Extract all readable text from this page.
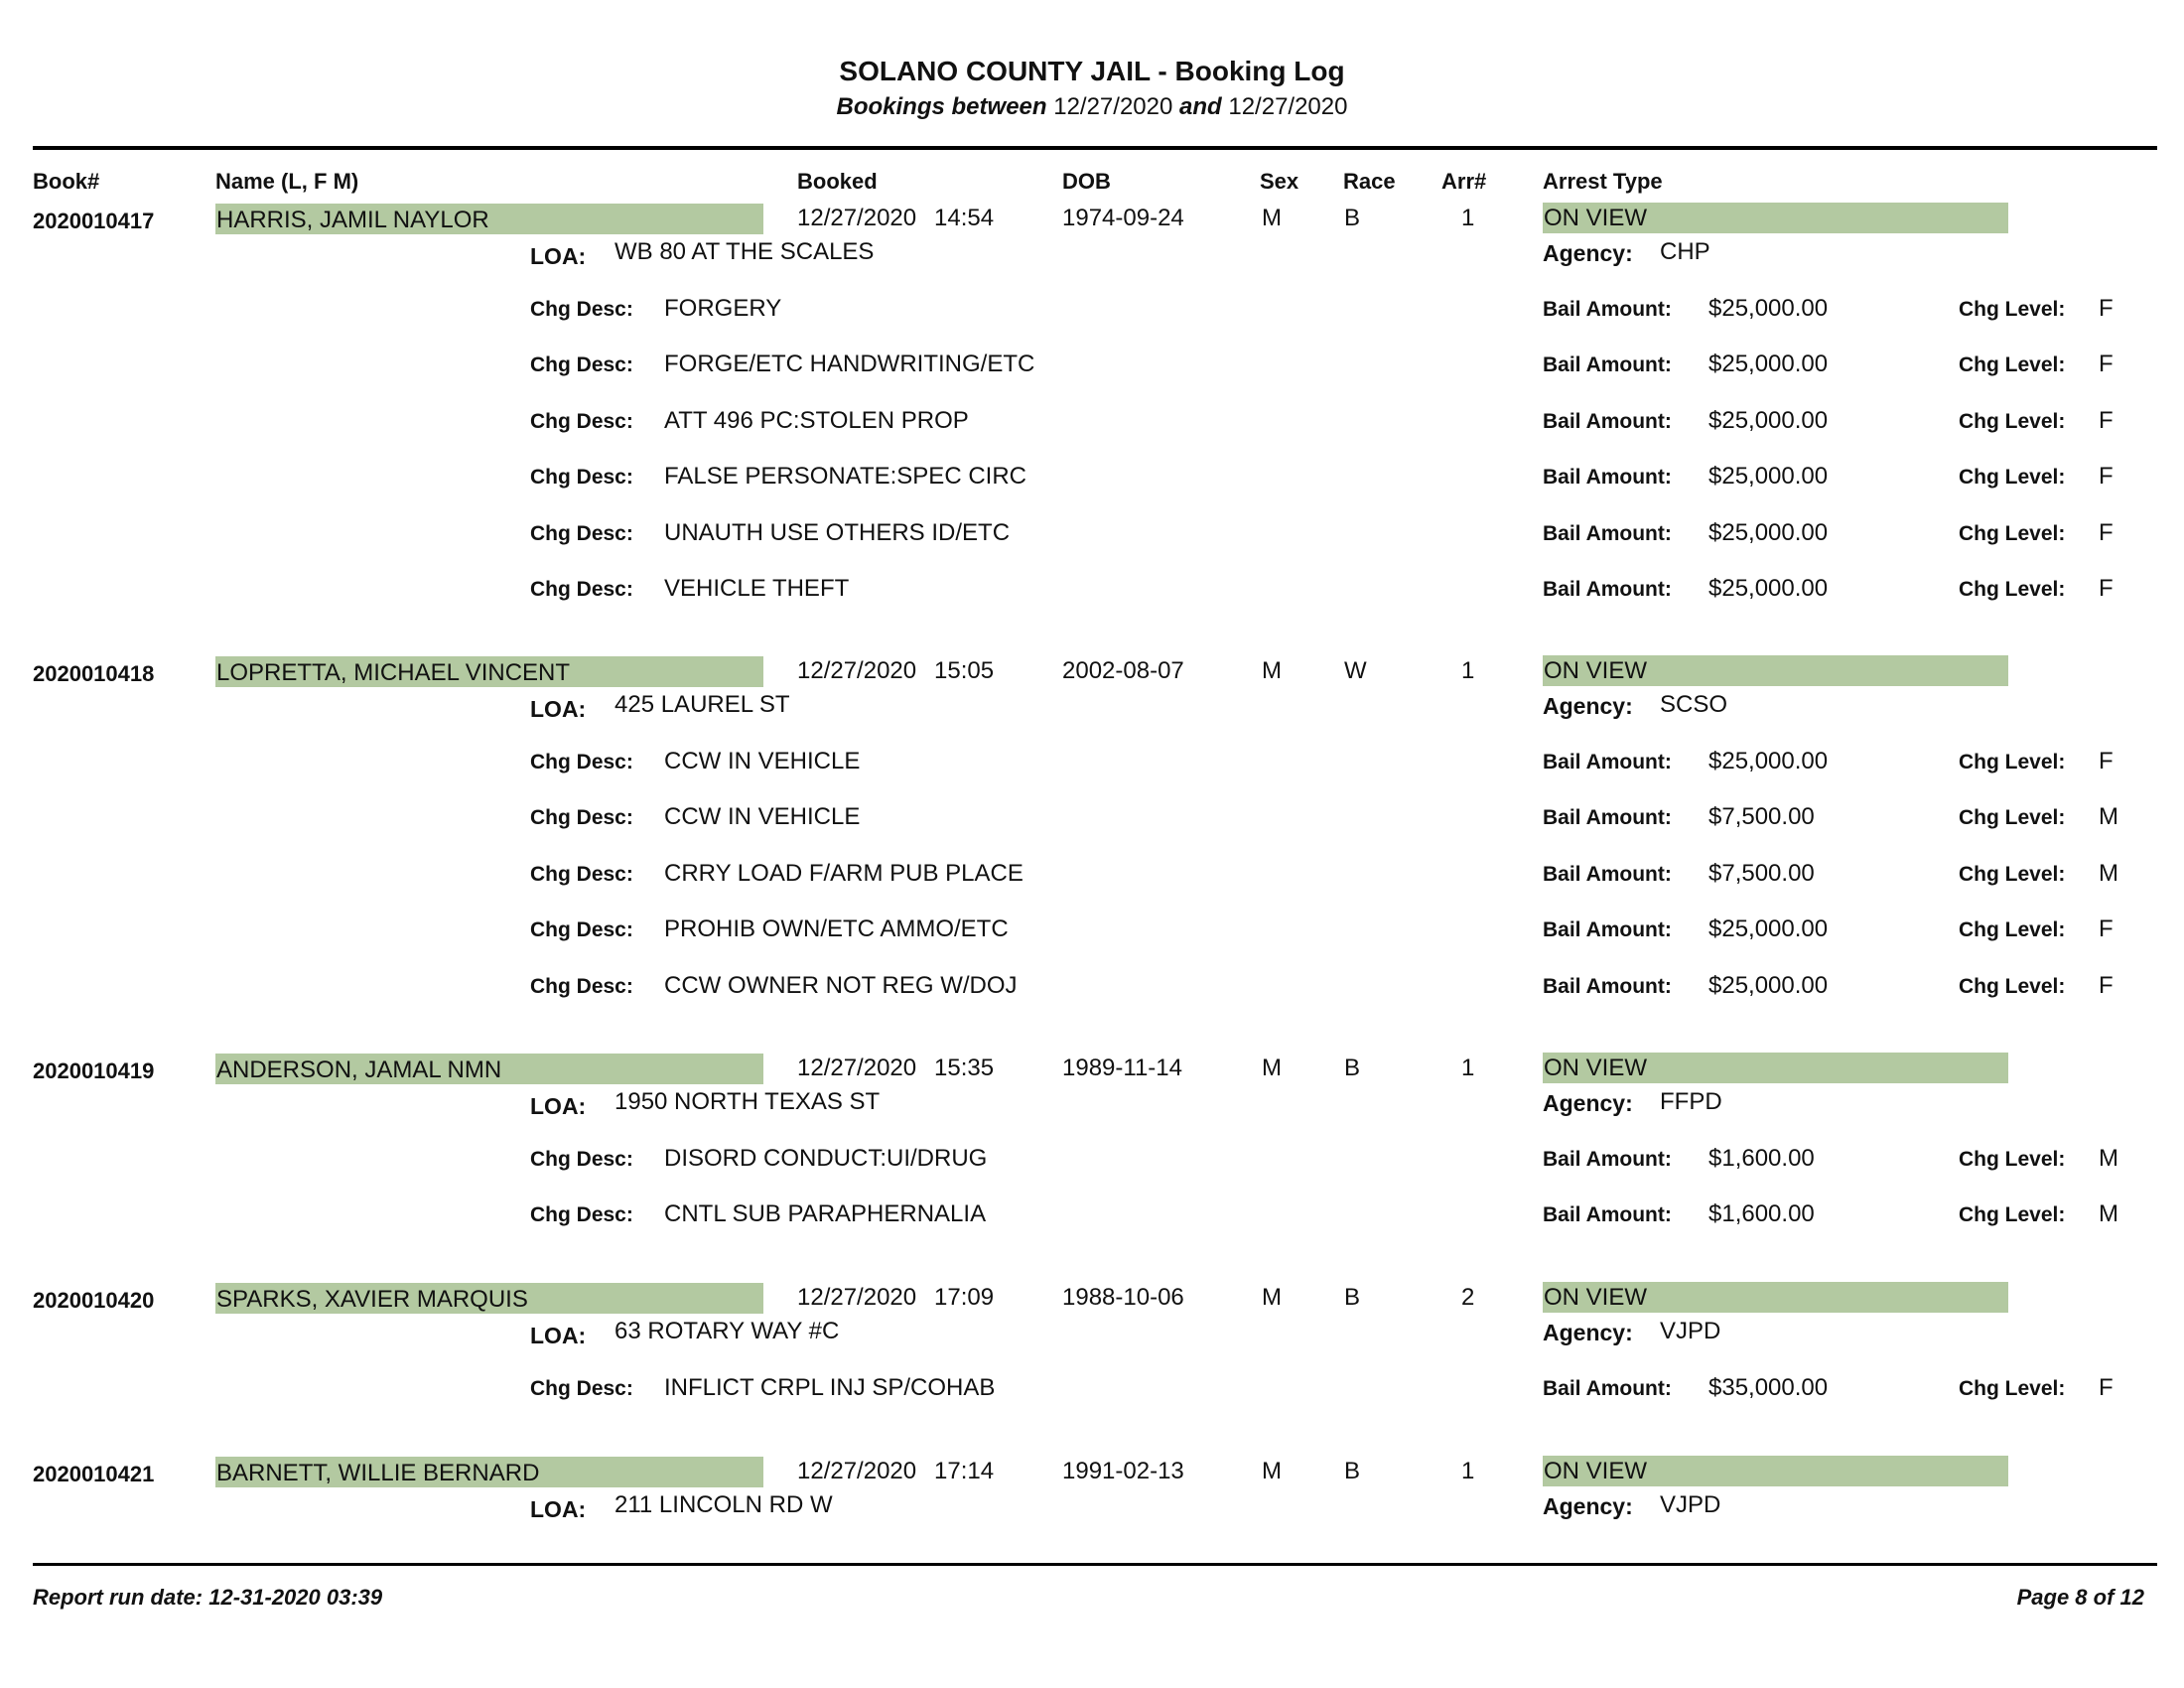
SOLANO COUNTY JAIL - Booking Log
Bookings between 12/27/2020 and 12/27/2020
Book#	Name (L, F M)	Booked	DOB	Sex Race Arr#	Arrest Type
2020010417	HARRIS, JAMIL NAYLOR	12/27/2020 14:54	1974-09-24	M	B	1	ON VIEW
LOA: WB 80 AT THE SCALES	Agency: CHP
Chg Desc: FORGERY	Bail Amount: $25,000.00	Chg Level: F
Chg Desc: FORGE/ETC HANDWRITING/ETC	Bail Amount: $25,000.00	Chg Level: F
Chg Desc: ATT 496 PC:STOLEN PROP	Bail Amount: $25,000.00	Chg Level: F
Chg Desc: FALSE PERSONATE:SPEC CIRC	Bail Amount: $25,000.00	Chg Level: F
Chg Desc: UNAUTH USE OTHERS ID/ETC	Bail Amount: $25,000.00	Chg Level: F
Chg Desc: VEHICLE THEFT	Bail Amount: $25,000.00	Chg Level: F
2020010418	LOPRETTA, MICHAEL VINCENT	12/27/2020 15:05	2002-08-07	M	W	1	ON VIEW
LOA: 425 LAUREL ST	Agency: SCSO
Chg Desc: CCW IN VEHICLE	Bail Amount: $25,000.00	Chg Level: F
Chg Desc: CCW IN VEHICLE	Bail Amount: $7,500.00	Chg Level: M
Chg Desc: CRRY LOAD F/ARM PUB PLACE	Bail Amount: $7,500.00	Chg Level: M
Chg Desc: PROHIB OWN/ETC AMMO/ETC	Bail Amount: $25,000.00	Chg Level: F
Chg Desc: CCW OWNER NOT REG W/DOJ	Bail Amount: $25,000.00	Chg Level: F
2020010419	ANDERSON, JAMAL NMN	12/27/2020 15:35	1989-11-14	M	B	1	ON VIEW
LOA: 1950 NORTH TEXAS ST	Agency: FFPD
Chg Desc: DISORD CONDUCT:UI/DRUG	Bail Amount: $1,600.00	Chg Level: M
Chg Desc: CNTL SUB PARAPHERNALIA	Bail Amount: $1,600.00	Chg Level: M
2020010420	SPARKS, XAVIER MARQUIS	12/27/2020 17:09	1988-10-06	M	B	2	ON VIEW
LOA: 63 ROTARY WAY #C	Agency: VJPD
Chg Desc: INFLICT CRPL INJ SP/COHAB	Bail Amount: $35,000.00	Chg Level: F
2020010421	BARNETT, WILLIE BERNARD	12/27/2020 17:14	1991-02-13	M	B	1	ON VIEW
LOA: 211 LINCOLN RD W	Agency: VJPD
Report run date: 12-31-2020 03:39	Page 8 of 12
